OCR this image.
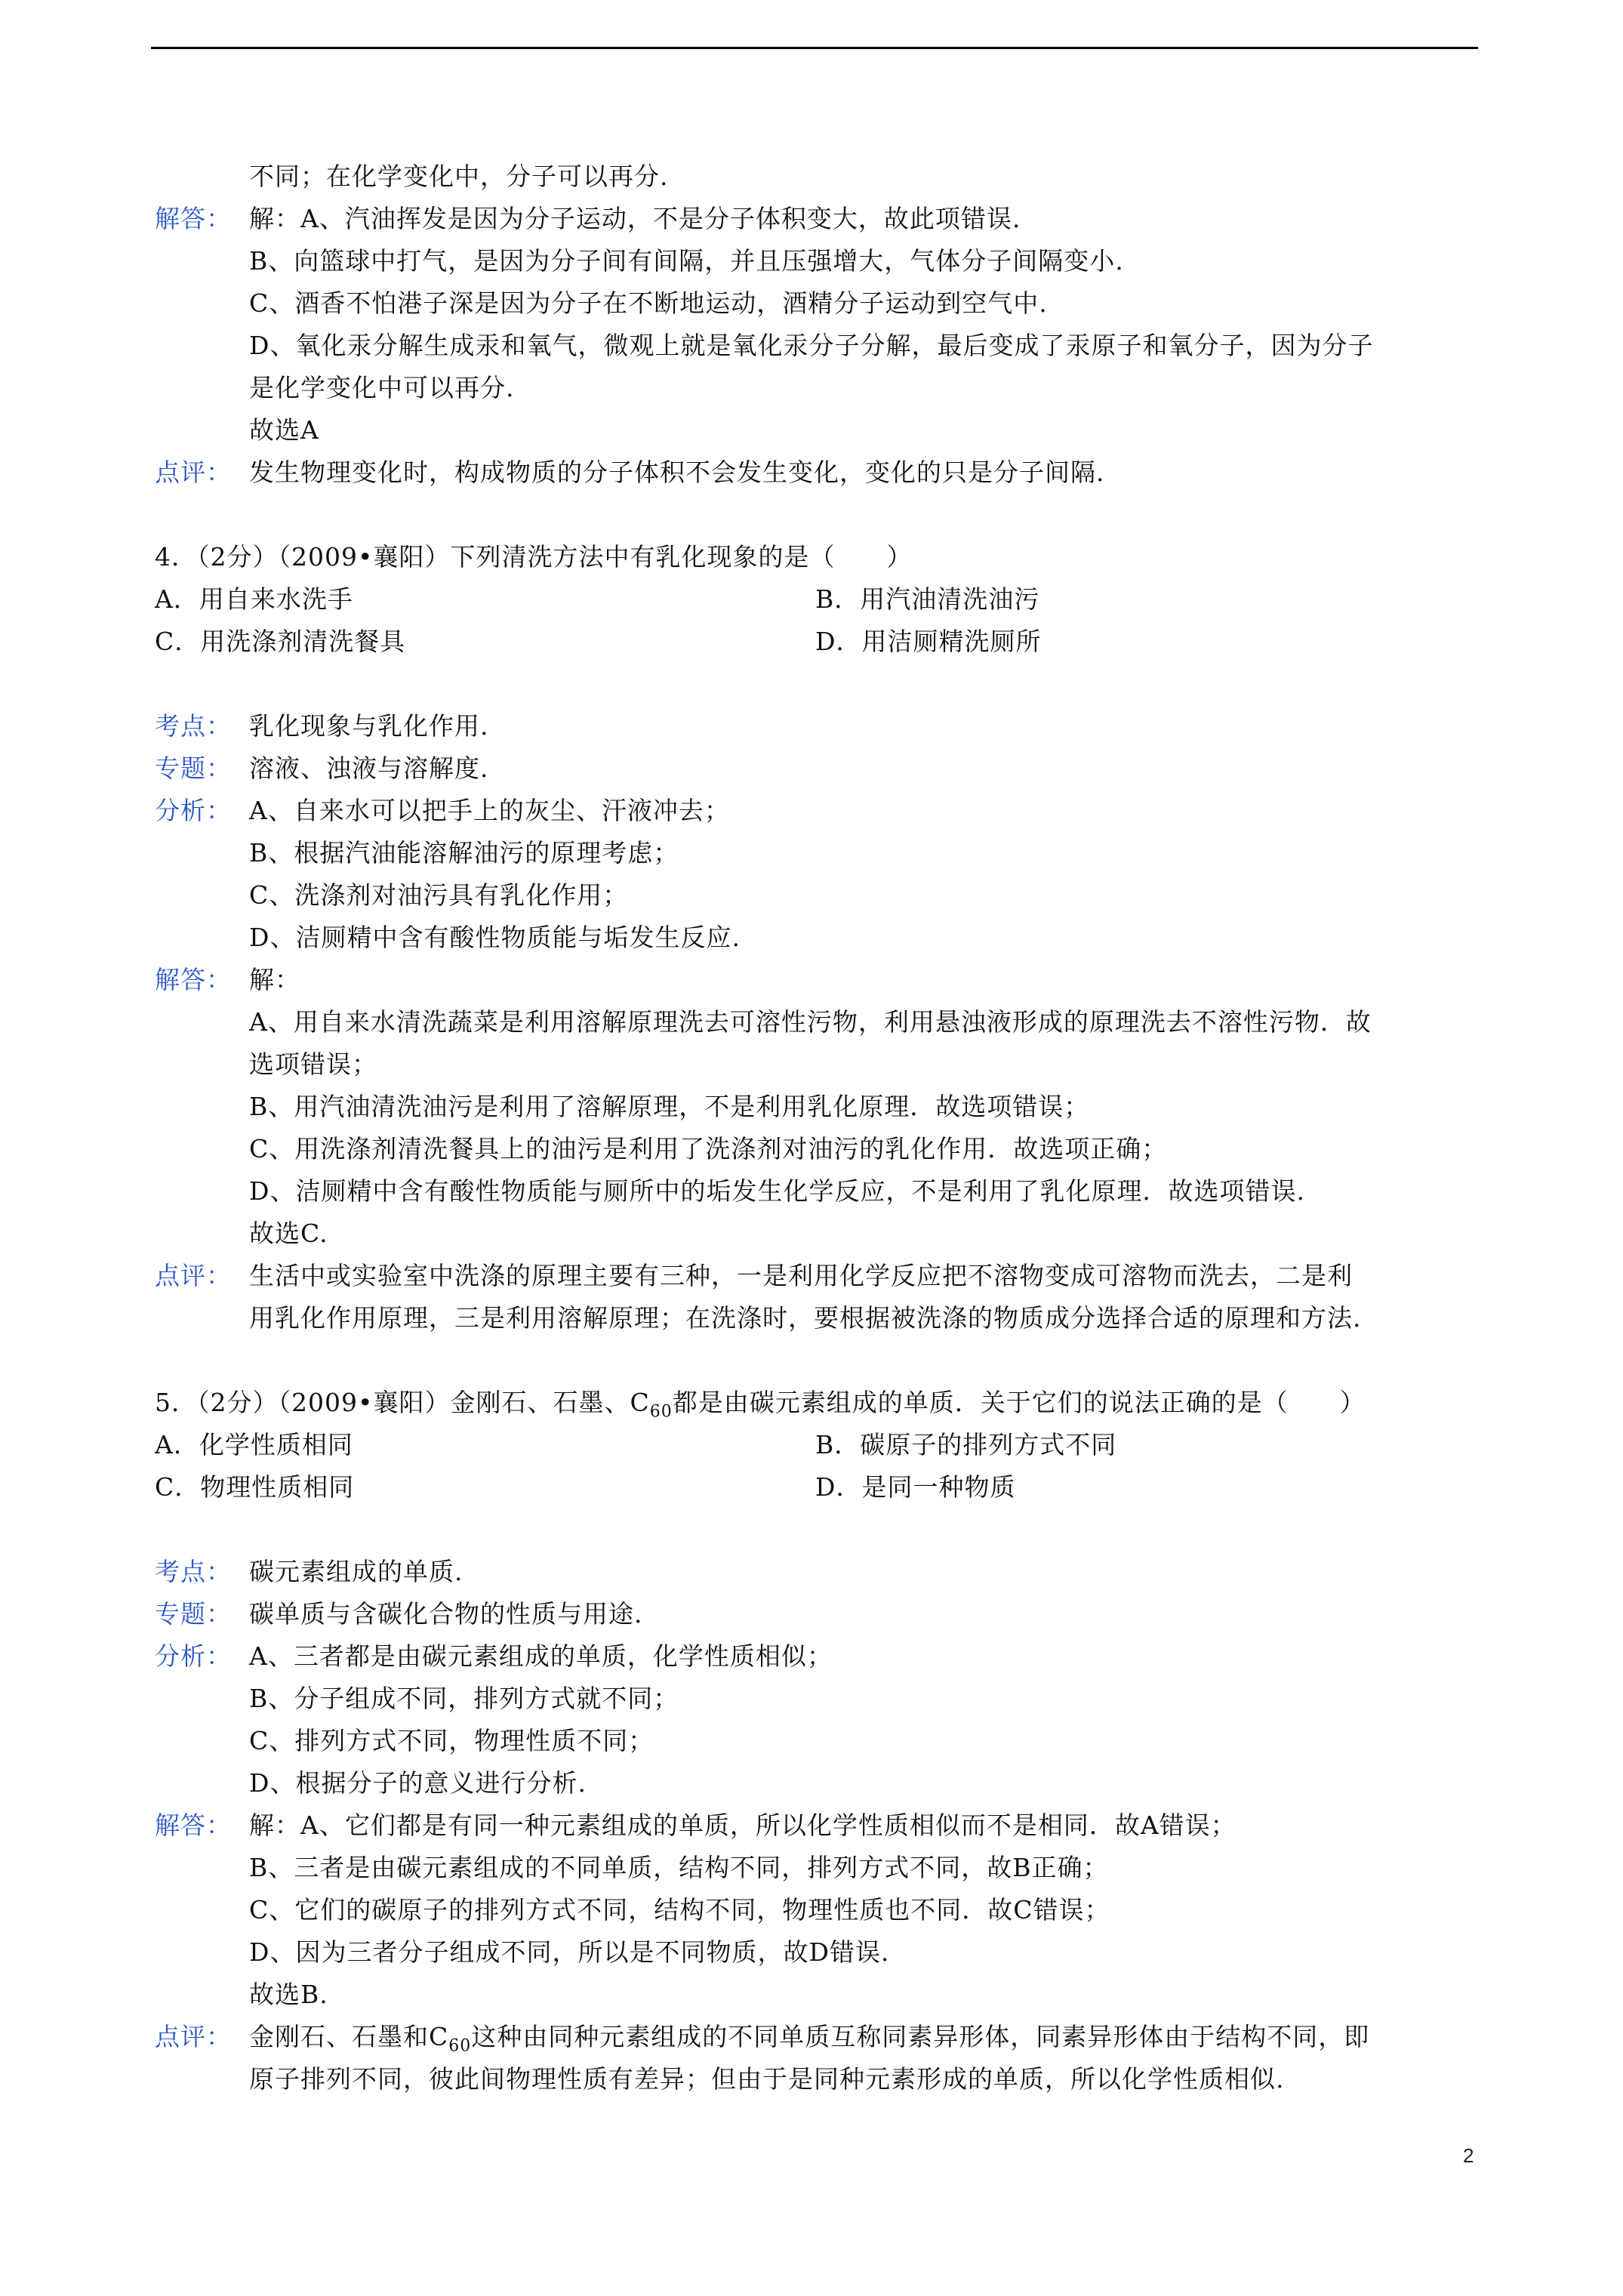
不同；在化学变化中，分子可以再分.
解答： 解：A、汽油挥发是因为分子运动，不是分子体积变大，故此项错误.
B、向篮球中打气，是因为分子间有间隔，并且压强增大，气体分子间隔变小.
C、酒香不怕港子深是因为分子在不断地运动，酒精分子运动到空气中.
D、氧化汞分解生成汞和氧气，微观上就是氧化汞分子分解，最后变成了汞原子和氧分子，因为分子
是化学变化中可以再分.
故选A
点评： 发生物理变化时，构成物质的分子体积不会发生变化，变化的只是分子间隔.
4．（2分）（2009•襄阳）下列清洗方法中有乳化现象的是（　　）
A．用自来水洗手	B．用汽油清洗油污
C．用洗涤剂清洗餐具	D．用洁厕精洗厕所
考点： 乳化现象与乳化作用.
专题： 溶液、浊液与溶解度.
分析： A、自来水可以把手上的灰尘、汗液冲去；
B、根据汽油能溶解油污的原理考虑；
C、洗涤剂对油污具有乳化作用；
D、洁厕精中含有酸性物质能与垢发生反应.
解答： 解：
A、用自来水清洗蔬菜是利用溶解原理洗去可溶性污物，利用悬浊液形成的原理洗去不溶性污物．故
选项错误；
B、用汽油清洗油污是利用了溶解原理，不是利用乳化原理．故选项错误；
C、用洗涤剂清洗餐具上的油污是利用了洗涤剂对油污的乳化作用．故选项正确；
D、洁厕精中含有酸性物质能与厕所中的垢发生化学反应，不是利用了乳化原理．故选项错误.
故选C.
点评： 生活中或实验室中洗涤的原理主要有三种，一是利用化学反应把不溶物变成可溶物而洗去，二是利
用乳化作用原理，三是利用溶解原理；在洗涤时，要根据被洗涤的物质成分选择合适的原理和方法.
5．（2分）（2009•襄阳）金刚石、石墨、$C_{60}$都是由碳元素组成的单质．关于它们的说法正确的是（　　）
A．化学性质相同	B．碳原子的排列方式不同
C．物理性质相同	D．是同一种物质
考点： 碳元素组成的单质.
专题： 碳单质与含碳化合物的性质与用途.
分析： A、三者都是由碳元素组成的单质，化学性质相似；
B、分子组成不同，排列方式就不同；
C、排列方式不同，物理性质不同；
D、根据分子的意义进行分析.
解答： 解：A、它们都是有同一种元素组成的单质，所以化学性质相似而不是相同．故A错误；
B、三者是由碳元素组成的不同单质，结构不同，排列方式不同，故B正确；
C、它们的碳原子的排列方式不同，结构不同，物理性质也不同．故C错误；
D、因为三者分子组成不同，所以是不同物质，故D错误.
故选B.
点评： 金刚石、石墨和$C_{60}$这种由同种元素组成的不同单质互称同素异形体，同素异形体由于结构不同，即
原子排列不同，彼此间物理性质有差异；但由于是同种元素形成的单质，所以化学性质相似.
2
